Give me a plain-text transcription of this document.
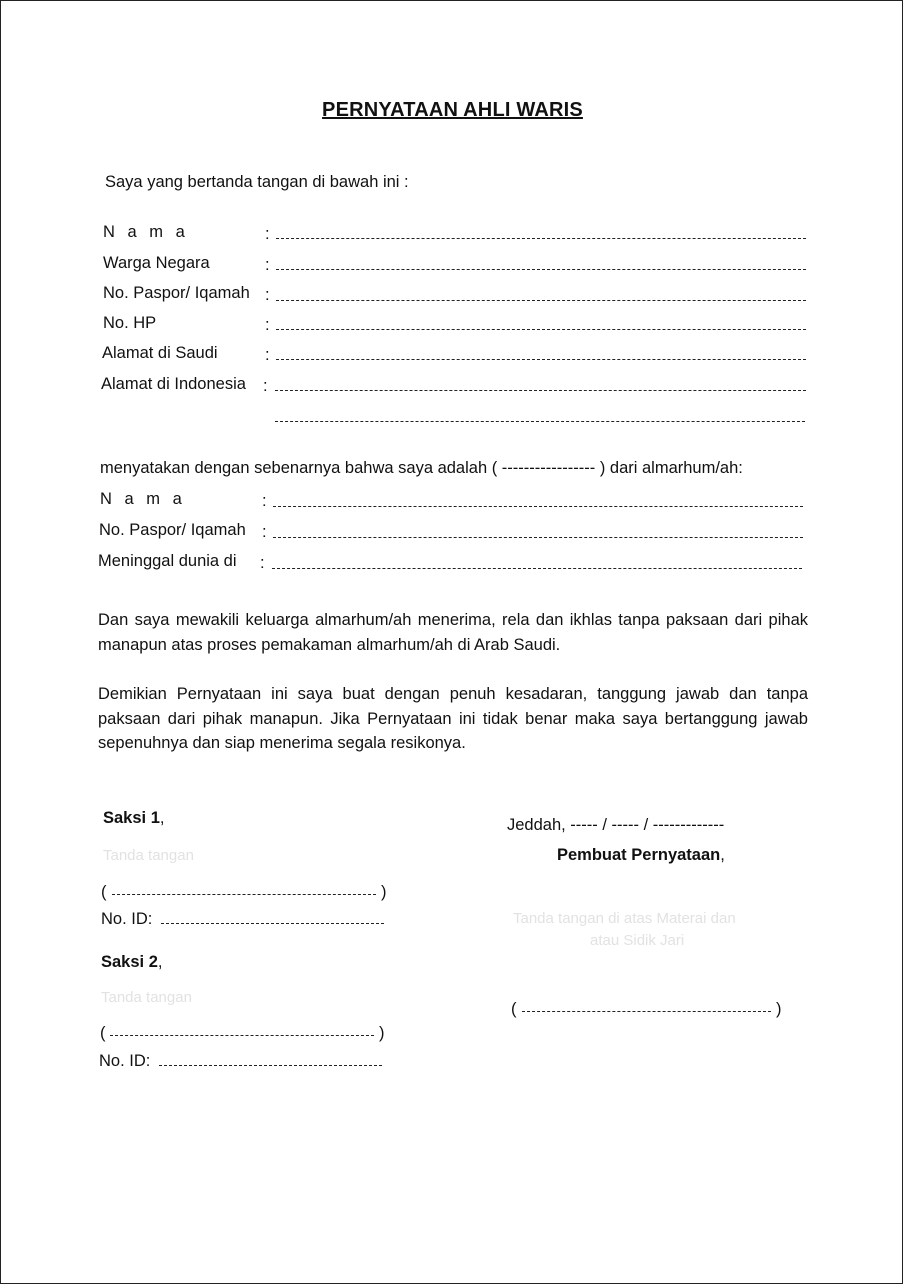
PERNYATAAN AHLI WARIS
Saya yang bertanda tangan di bawah ini :
N a m a	:
Warga Negara	:
No. Paspor/ Iqamah :
No. HP	:
Alamat di Saudi	:
Alamat di Indonesia :
menyatakan dengan sebenarnya bahwa saya adalah ( ----------------- ) dari almarhum/ah:
N a m a	:
No. Paspor/ Iqamah :
Meninggal dunia di :
Dan saya mewakili keluarga almarhum/ah menerima, rela dan ikhlas tanpa paksaan dari pihak manapun atas proses pemakaman almarhum/ah di Arab Saudi.
Demikian Pernyataan ini saya buat dengan penuh kesadaran, tanggung jawab dan tanpa paksaan dari pihak manapun. Jika Pernyataan ini tidak benar maka saya bertanggung jawab sepenuhnya dan siap menerima segala resikonya.
Saksi 1,
Tanda tangan
(	)
No. ID:
Saksi 2,
Tanda tangan
(	)
No. ID:
Jeddah, ----- / ----- / -------------
Pembuat Pernyataan,
Tanda tangan di atas Materai dan
atau Sidik Jari
(	)
